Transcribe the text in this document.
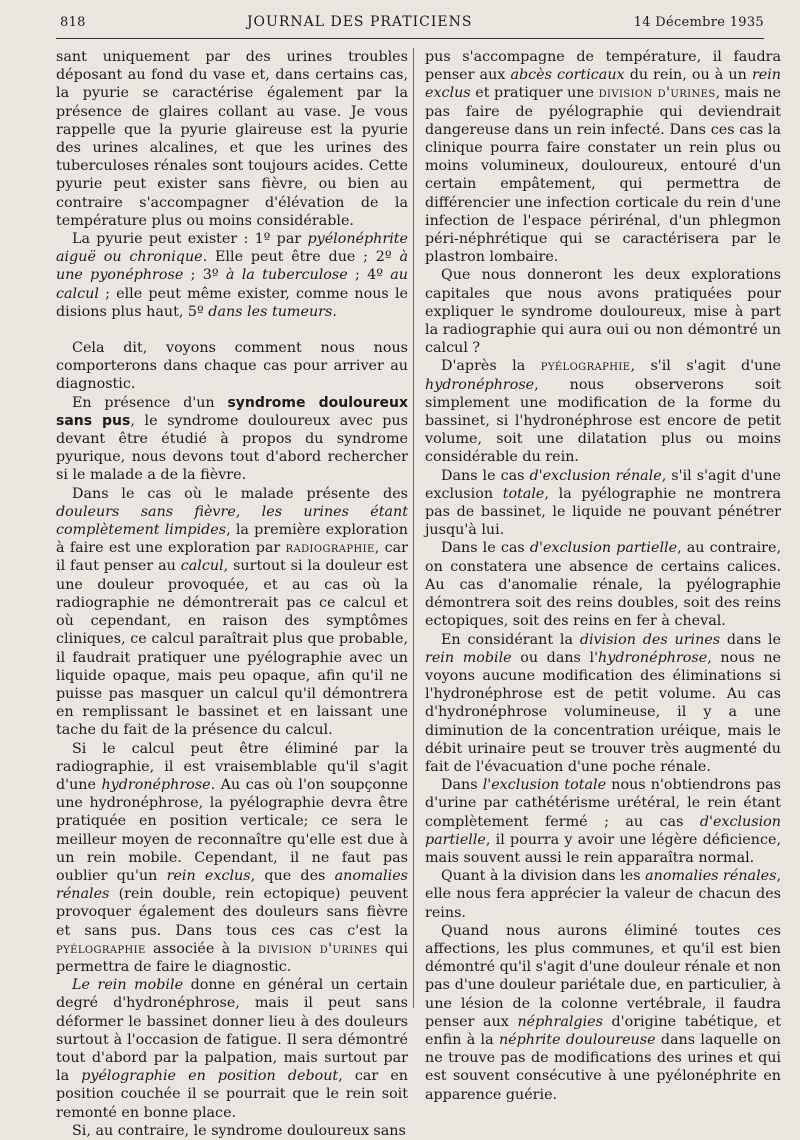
818	JOURNAL DES PRATICIENS	14 Décembre 1935

sant uniquement par des urines troubles déposant au fond du vase et, dans certains cas, la pyurie se caractérise également par la présence de glaires collant au vase. Je vous rappelle que la pyurie glaireuse est la pyurie des urines alcalines, et que les urines des tuberculoses rénales sont toujours acides. Cette pyurie peut exister sans fièvre, ou bien au contraire s'accompagner d'élévation de la température plus ou moins considérable.

La pyurie peut exister : 1º par pyélonéphrite aiguë ou chronique. Elle peut être due ; 2º à une pyonéphrose ; 3º à la tuberculose ; 4º au calcul ; elle peut même exister, comme nous le disions plus haut, 5º dans les tumeurs.

Cela dit, voyons comment nous nous comporterons dans chaque cas pour arriver au diagnostic.

En présence d'un syndrome douloureux sans pus, le syndrome douloureux avec pus devant être étudié à propos du syndrome pyurique, nous devons tout d'abord rechercher si le malade a de la fièvre.

Dans le cas où le malade présente des douleurs sans fièvre, les urines étant complètement limpides, la première exploration à faire est une exploration par radiographie, car il faut penser au calcul, surtout si la douleur est une douleur provoquée, et au cas où la radiographie ne démontrerait pas ce calcul et où cependant, en raison des symptômes cliniques, ce calcul paraîtrait plus que probable, il faudrait pratiquer une pyélographie avec un liquide opaque, mais peu opaque, afin qu'il ne puisse pas masquer un calcul qu'il démontrera en remplissant le bassinet et en laissant une tache du fait de la présence du calcul.

Si le calcul peut être éliminé par la radiographie, il est vraisemblable qu'il s'agit d'une hydronéphrose. Au cas où l'on soupçonne une hydronéphrose, la pyélographie devra être pratiquée en position verticale; ce sera le meilleur moyen de reconnaître qu'elle est due à un rein mobile. Cependant, il ne faut pas oublier qu'un rein exclus, que des anomalies rénales (rein double, rein ectopique) peuvent provoquer également des douleurs sans fièvre et sans pus. Dans tous ces cas c'est la pyélographie associée à la division d'urines qui permettra de faire le diagnostic.

Le rein mobile donne en général un certain degré d'hydronéphrose, mais il peut sans déformer le bassinet donner lieu à des douleurs surtout à l'occasion de fatigue. Il sera démontré tout d'abord par la palpation, mais surtout par la pyélographie en position debout, car en position couchée il se pourrait que le rein soit remonté en bonne place.

Si, au contraire, le syndrome douloureux sans

pus s'accompagne de température, il faudra penser aux abcès corticaux du rein, ou à un rein exclus et pratiquer une division d'urines, mais ne pas faire de pyélographie qui deviendrait dangereuse dans un rein infecté. Dans ces cas la clinique pourra faire constater un rein plus ou moins volumineux, douloureux, entouré d'un certain empâtement, qui permettra de différencier une infection corticale du rein d'une infection de l'espace périrénal, d'un phlegmon péri-néphrétique qui se caractérisera par le plastron lombaire.

Que nous donneront les deux explorations capitales que nous avons pratiquées pour expliquer le syndrome douloureux, mise à part la radiographie qui aura oui ou non démontré un calcul ?

D'après la pyélographie, s'il s'agit d'une hydronéphrose, nous observerons soit simplement une modification de la forme du bassinet, si l'hydronéphrose est encore de petit volume, soit une dilatation plus ou moins considérable du rein.

Dans le cas d'exclusion rénale, s'il s'agit d'une exclusion totale, la pyélographie ne montrera pas de bassinet, le liquide ne pouvant pénétrer jusqu'à lui.

Dans le cas d'exclusion partielle, au contraire, on constatera une absence de certains calices. Au cas d'anomalie rénale, la pyélographie démontrera soit des reins doubles, soit des reins ectopiques, soit des reins en fer à cheval.

En considérant la division des urines dans le rein mobile ou dans l'hydronéphrose, nous ne voyons aucune modification des éliminations si l'hydronéphrose est de petit volume. Au cas d'hydronéphrose volumineuse, il y a une diminution de la concentration uréique, mais le débit urinaire peut se trouver très augmenté du fait de l'évacuation d'une poche rénale.

Dans l'exclusion totale nous n'obtiendrons pas d'urine par cathétérisme urétéral, le rein étant complètement fermé ; au cas d'exclusion partielle, il pourra y avoir une légère déficience, mais souvent aussi le rein apparaîtra normal.

Quant à la division dans les anomalies rénales, elle nous fera apprécier la valeur de chacun des reins.

Quand nous aurons éliminé toutes ces affections, les plus communes, et qu'il est bien démontré qu'il s'agit d'une douleur rénale et non pas d'une douleur pariétale due, en particulier, à une lésion de la colonne vertébrale, il faudra penser aux néphralgies d'origine tabétique, et enfin à la néphrite douloureuse dans laquelle on ne trouve pas de modifications des urines et qui est souvent consécutive à une pyélonéphrite en apparence guérie.
